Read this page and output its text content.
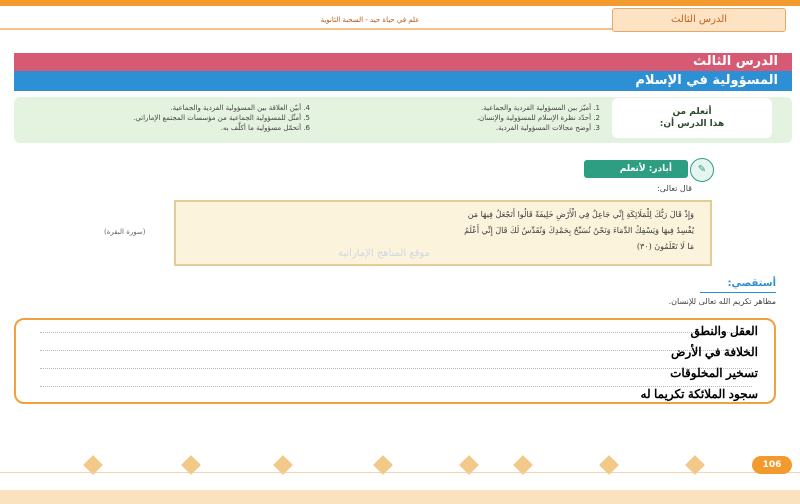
علم في حياة حيد - السحبة الثانوية	الدرس الثالث
الدرس الثالث
المسؤولية في الإسلام
أتعلم من
هذا الدرس أن:
1. أميّز بين المسؤولية الفردية والجماعية.
2. أحدّد نظرة الإسلام للمسؤولية والإنسان.
3. أوضح مجالات المسؤولية الفردية.
4. أبيّن العلاقة بين المسؤولية الفردية والجماعية.
5. أمثّل للمسؤولية الجماعية من مؤسسات المجتمع الإماراتي.
6. أتحمّل مسؤولية ما أكلَّف به.
أبادر: لأتعلم	✎
قال تعالى:
وَإِذْ قَالَ رَبُّكَ لِلْمَلَائِكَةِ إِنِّي جَاعِلٌ فِي الْأَرْضِ خَلِيفَةً قَالُوا أَتَجْعَلُ فِيهَا مَن
يُفْسِدُ فِيهَا وَيَسْفِكُ الدِّمَاءَ وَنَحْنُ نُسَبِّحُ بِحَمْدِكَ وَنُقَدِّسُ لَكَ قَالَ إِنِّي أَعْلَمُ
مَا لَا تَعْلَمُونَ (٣٠)
(سورة البقرة)
موقع المناهج الإماراتية
أستقصي:
مظاهر تكريم الله تعالى للإنسان.
العقل والنطق
الخلافة في الأرض
تسخير المخلوقات
سجود الملائكة تكريما له
106
